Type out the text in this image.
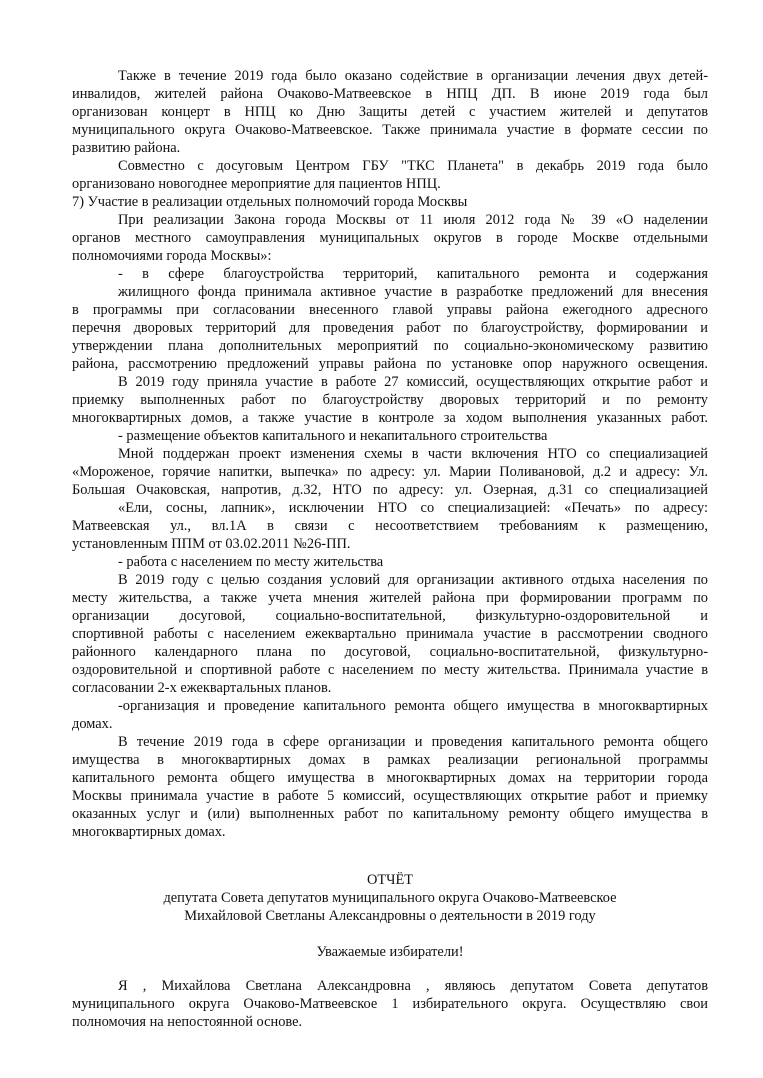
Также в течение 2019 года было оказано содействие в организации лечения двух детей-
инвалидов, жителей района Очаково-Матвеевское в НПЦ ДП. В июне 2019 года был
организован концерт в НПЦ ко Дню Защиты детей с участием жителей и депутатов
муниципального округа Очаково-Матвеевское. Также принимала участие в формате сессии по
развитию района.
Совместно с досуговым Центром ГБУ "ТКС Планета" в декабрь 2019 года было
организовано новогоднее мероприятие для пациентов НПЦ.
7) Участие в реализации отдельных полномочий города Москвы
При реализации Закона города Москвы от 11 июля 2012 года № 39 «О наделении
органов местного самоуправления муниципальных округов в городе Москве отдельными
полномочиями города Москвы»:
- в сфере благоустройства территорий, капитального ремонта и содержания
жилищного фонда принимала активное участие в разработке предложений для внесения
в программы при согласовании внесенного главой управы района ежегодного адресного
перечня дворовых территорий для проведения работ по благоустройству, формировании и
утверждении плана дополнительных мероприятий по социально-экономическому развитию
района, рассмотрению предложений управы района по установке опор наружного освещения.
В 2019 году приняла участие в работе 27 комиссий, осуществляющих открытие работ и
приемку выполненных работ по благоустройству дворовых территорий и по ремонту
многоквартирных домов, а также участие в контроле за ходом выполнения указанных работ.
- размещение объектов капитального и некапитального строительства
Мной поддержан проект изменения схемы в части включения НТО со специализацией
«Мороженое, горячие напитки, выпечка» по адресу: ул. Марии Поливановой, д.2 и адресу: Ул.
Большая Очаковская, напротив, д.32, НТО по адресу: ул. Озерная, д.31 со специализацией
«Ели, сосны, лапник», исключении НТО со специализацией: «Печать» по адресу:
Матвеевская ул., вл.1А в связи с несоответствием требованиям к размещению,
установленным ППМ от 03.02.2011 №26-ПП.
- работа с населением по месту жительства
В 2019 году с целью создания условий для организации активного отдыха населения по
месту жительства, а также учета мнения жителей района при формировании программ по
организации досуговой, социально-воспитательной, физкультурно-оздоровительной и
спортивной работы с населением ежеквартально принимала участие в рассмотрении сводного
районного календарного плана по досуговой, социально-воспитательной, физкультурно-
оздоровительной и спортивной работе с населением по месту жительства. Принимала участие в
согласовании 2-х ежеквартальных планов.
-организация и проведение капитального ремонта общего имущества в многоквартирных
домах.
В течение 2019 года в сфере организации и проведения капитального ремонта общего
имущества в многоквартирных домах в рамках реализации региональной программы
капитального ремонта общего имущества в многоквартирных домах на территории города
Москвы принимала участие в работе 5 комиссий, осуществляющих открытие работ и приемку
оказанных услуг и (или) выполненных работ по капитальному ремонту общего имущества в
многоквартирных домах.
ОТЧЁТ
депутата Совета депутатов муниципального округа Очаково-Матвеевское
Михайловой Светланы Александровны о деятельности в 2019 году
Уважаемые избиратели!
Я , Михайлова Светлана Александровна , являюсь депутатом Совета депутатов
муниципального округа Очаково-Матвеевское 1 избирательного округа. Осуществляю свои
полномочия на непостоянной основе.
